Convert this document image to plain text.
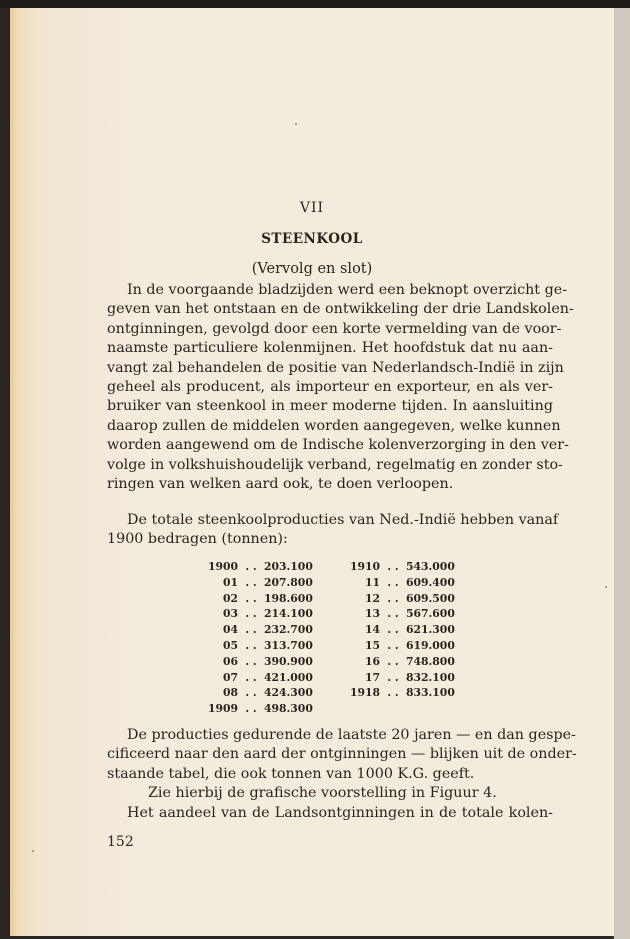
VII
STEENKOOL
(Vervolg en slot)
In de voorgaande bladzijden werd een beknopt overzicht ge-
geven van het ontstaan en de ontwikkeling der drie Landskolen-
ontginningen, gevolgd door een korte vermelding van de voor-
naamste particuliere kolenmijnen. Het hoofdstuk dat nu aan-
vangt zal behandelen de positie van Nederlandsch-Indië in zijn
geheel als producent, als importeur en exporteur, en als ver-
bruiker van steenkool in meer moderne tijden. In aansluiting
daarop zullen de middelen worden aangegeven, welke kunnen
worden aangewend om de Indische kolenverzorging in den ver-
volge in volkshuishoudelijk verband, regelmatig en zonder sto-
ringen van welken aard ook, te doen verloopen.
De totale steenkoolproducties van Ned.-Indië hebben vanaf
1900 bedragen (tonnen):
1900 . . 203.100
01 . . 207.800
02 . . 198.600
03 . . 214.100
04 . . 232.700
05 . . 313.700
06 . . 390.900
07 . . 421.000
08 . . 424.300
1909 . . 498.300
1910 . . 543.000
11 . . 609.400
12 . . 609.500
13 . . 567.600
14 . . 621.300
15 . . 619.000
16 . . 748.800
17 . . 832.100
1918 . . 833.100
De producties gedurende de laatste 20 jaren — en dan gespe-
cificeerd naar den aard der ontginningen — blijken uit de onder-
staande tabel, die ook tonnen van 1000 K.G. geeft.
Zie hierbij de grafische voorstelling in Figuur 4.
Het aandeel van de Landsontginningen in de totale kolen-
152
